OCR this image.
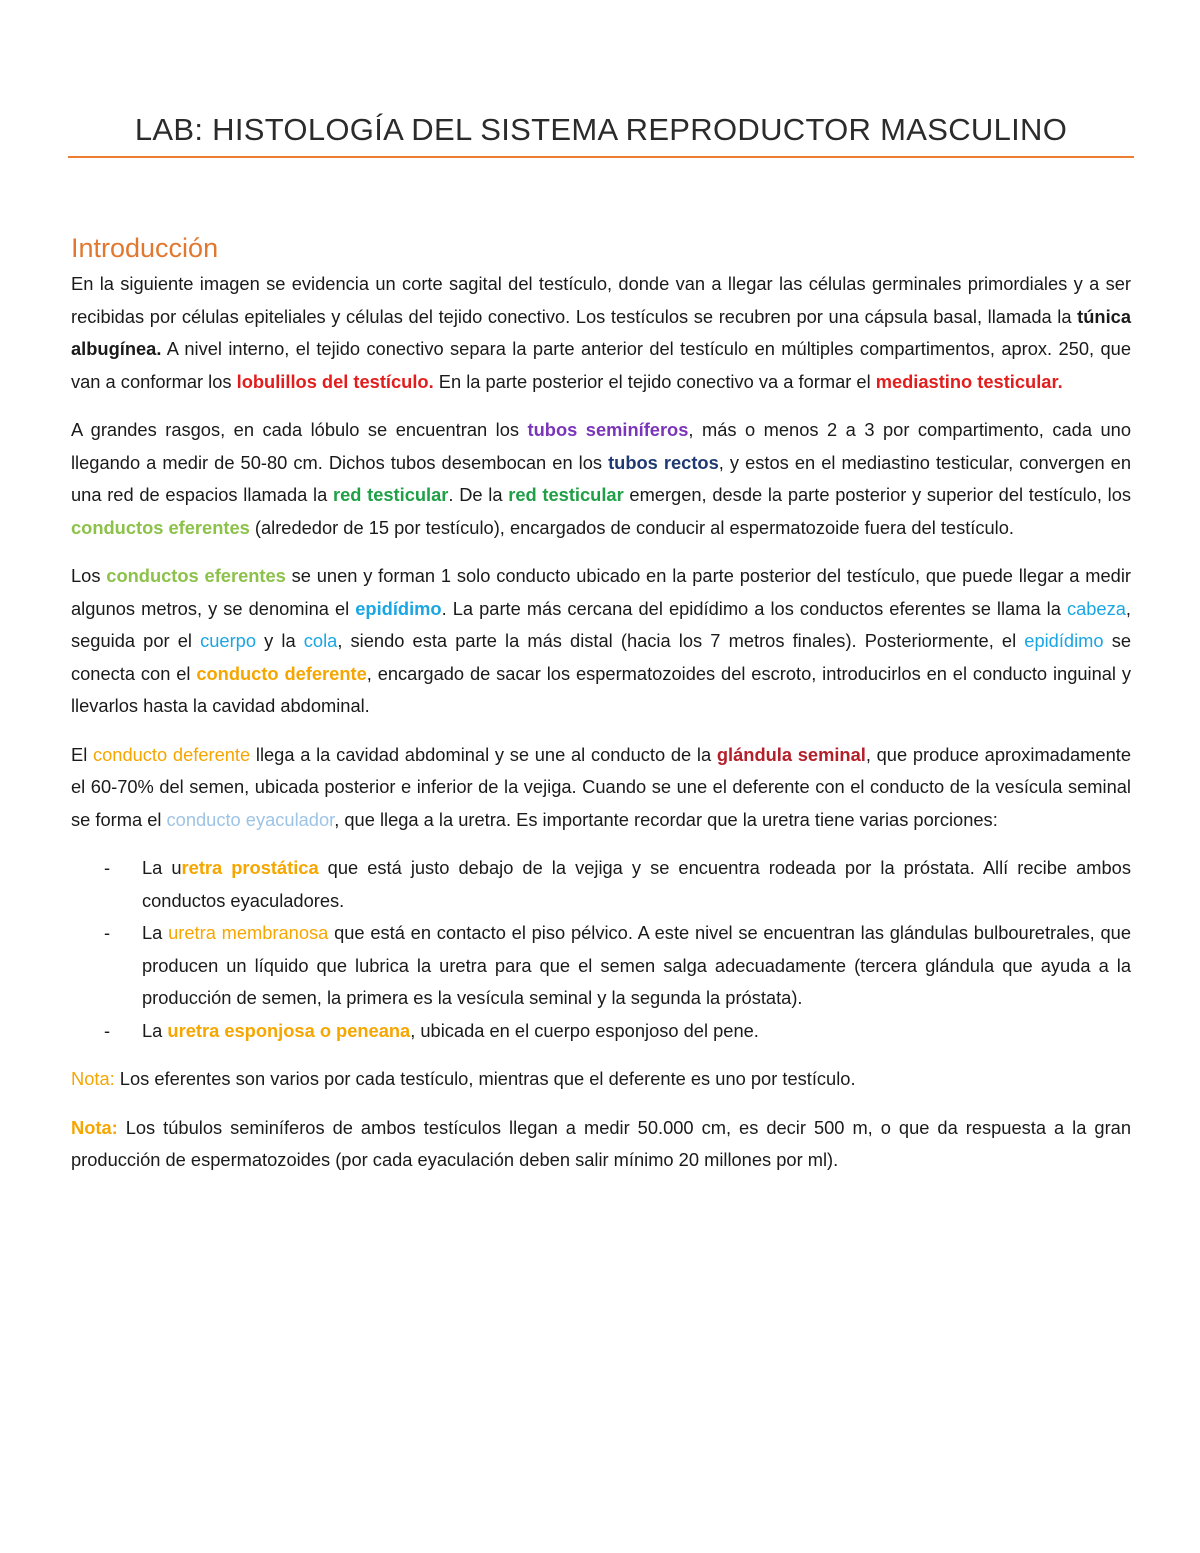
LAB: HISTOLOGÍA DEL SISTEMA REPRODUCTOR MASCULINO
Introducción

En la siguiente imagen se evidencia un corte sagital del testículo, donde van a llegar las células germinales primordiales y a ser recibidas por células epiteliales y células del tejido conectivo. Los testículos se recubren por una cápsula basal, llamada la túnica albugínea. A nivel interno, el tejido conectivo separa la parte anterior del testículo en múltiples compartimentos, aprox. 250, que van a conformar los lobulillos del testículo. En la parte posterior el tejido conectivo va a formar el mediastino testicular.

A grandes rasgos, en cada lóbulo se encuentran los tubos seminíferos, más o menos 2 a 3 por compartimento, cada uno llegando a medir de 50-80 cm. Dichos tubos desembocan en los tubos rectos, y estos en el mediastino testicular, convergen en una red de espacios llamada la red testicular. De la red testicular emergen, desde la parte posterior y superior del testículo, los conductos eferentes (alrededor de 15 por testículo), encargados de conducir al espermatozoide fuera del testículo.

Los conductos eferentes se unen y forman 1 solo conducto ubicado en la parte posterior del testículo, que puede llegar a medir algunos metros, y se denomina el epidídimo. La parte más cercana del epidídimo a los conductos eferentes se llama la cabeza, seguida por el cuerpo y la cola, siendo esta parte la más distal (hacia los 7 metros finales). Posteriormente, el epidídimo se conecta con el conducto deferente, encargado de sacar los espermatozoides del escroto, introducirlos en el conducto inguinal y llevarlos hasta la cavidad abdominal.

El conducto deferente llega a la cavidad abdominal y se une al conducto de la glándula seminal, que produce aproximadamente el 60-70% del semen, ubicada posterior e inferior de la vejiga. Cuando se une el deferente con el conducto de la vesícula seminal se forma el conducto eyaculador, que llega a la uretra. Es importante recordar que la uretra tiene varias porciones:

- La uretra prostática que está justo debajo de la vejiga y se encuentra rodeada por la próstata. Allí recibe ambos conductos eyaculadores.
- La uretra membranosa que está en contacto el piso pélvico. A este nivel se encuentran las glándulas bulbouretrales, que producen un líquido que lubrica la uretra para que el semen salga adecuadamente (tercera glándula que ayuda a la producción de semen, la primera es la vesícula seminal y la segunda la próstata).
- La uretra esponjosa o peneana, ubicada en el cuerpo esponjoso del pene.

Nota: Los eferentes son varios por cada testículo, mientras que el deferente es uno por testículo.

Nota: Los túbulos seminíferos de ambos testículos llegan a medir 50.000 cm, es decir 500 m, o que da respuesta a la gran producción de espermatozoides (por cada eyaculación deben salir mínimo 20 millones por ml).
